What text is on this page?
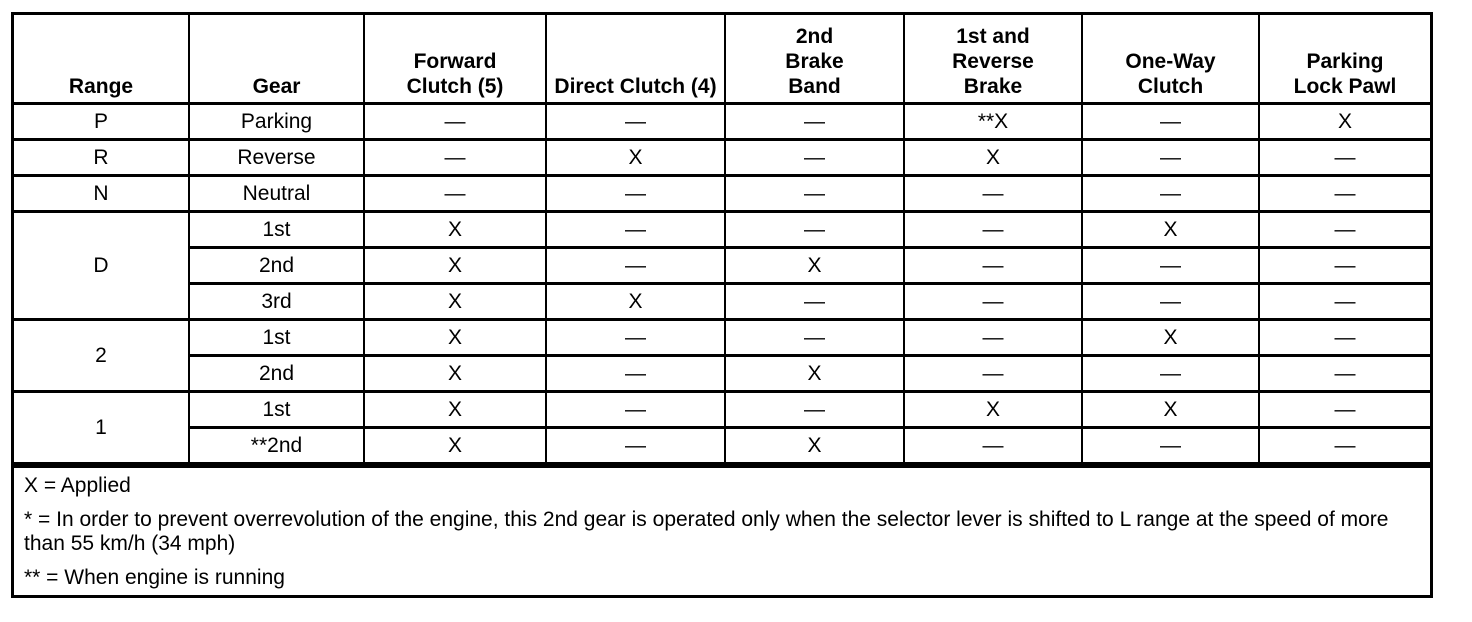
Range	Gear	Forward Clutch (5)	Direct Clutch (4)	2nd Brake Band	1st and Reverse Brake	One-Way Clutch	Parking Lock Pawl
P	Parking	—	—	—	**X	—	X
R	Reverse	—	X	—	X	—	—
N	Neutral	—	—	—	—	—	—
D	1st	X	—	—	—	X	—
	2nd	X	—	X	—	—	—
	3rd	X	X	—	—	—	—
2	1st	X	—	—	—	X	—
	2nd	X	—	X	—	—	—
1	1st	X	—	—	X	X	—
	**2nd	X	—	X	—	—	—
X = Applied
* = In order to prevent overrevolution of the engine, this 2nd gear is operated only when the selector lever is shifted to L range at the speed of more than 55 km/h (34 mph)
** = When engine is running
